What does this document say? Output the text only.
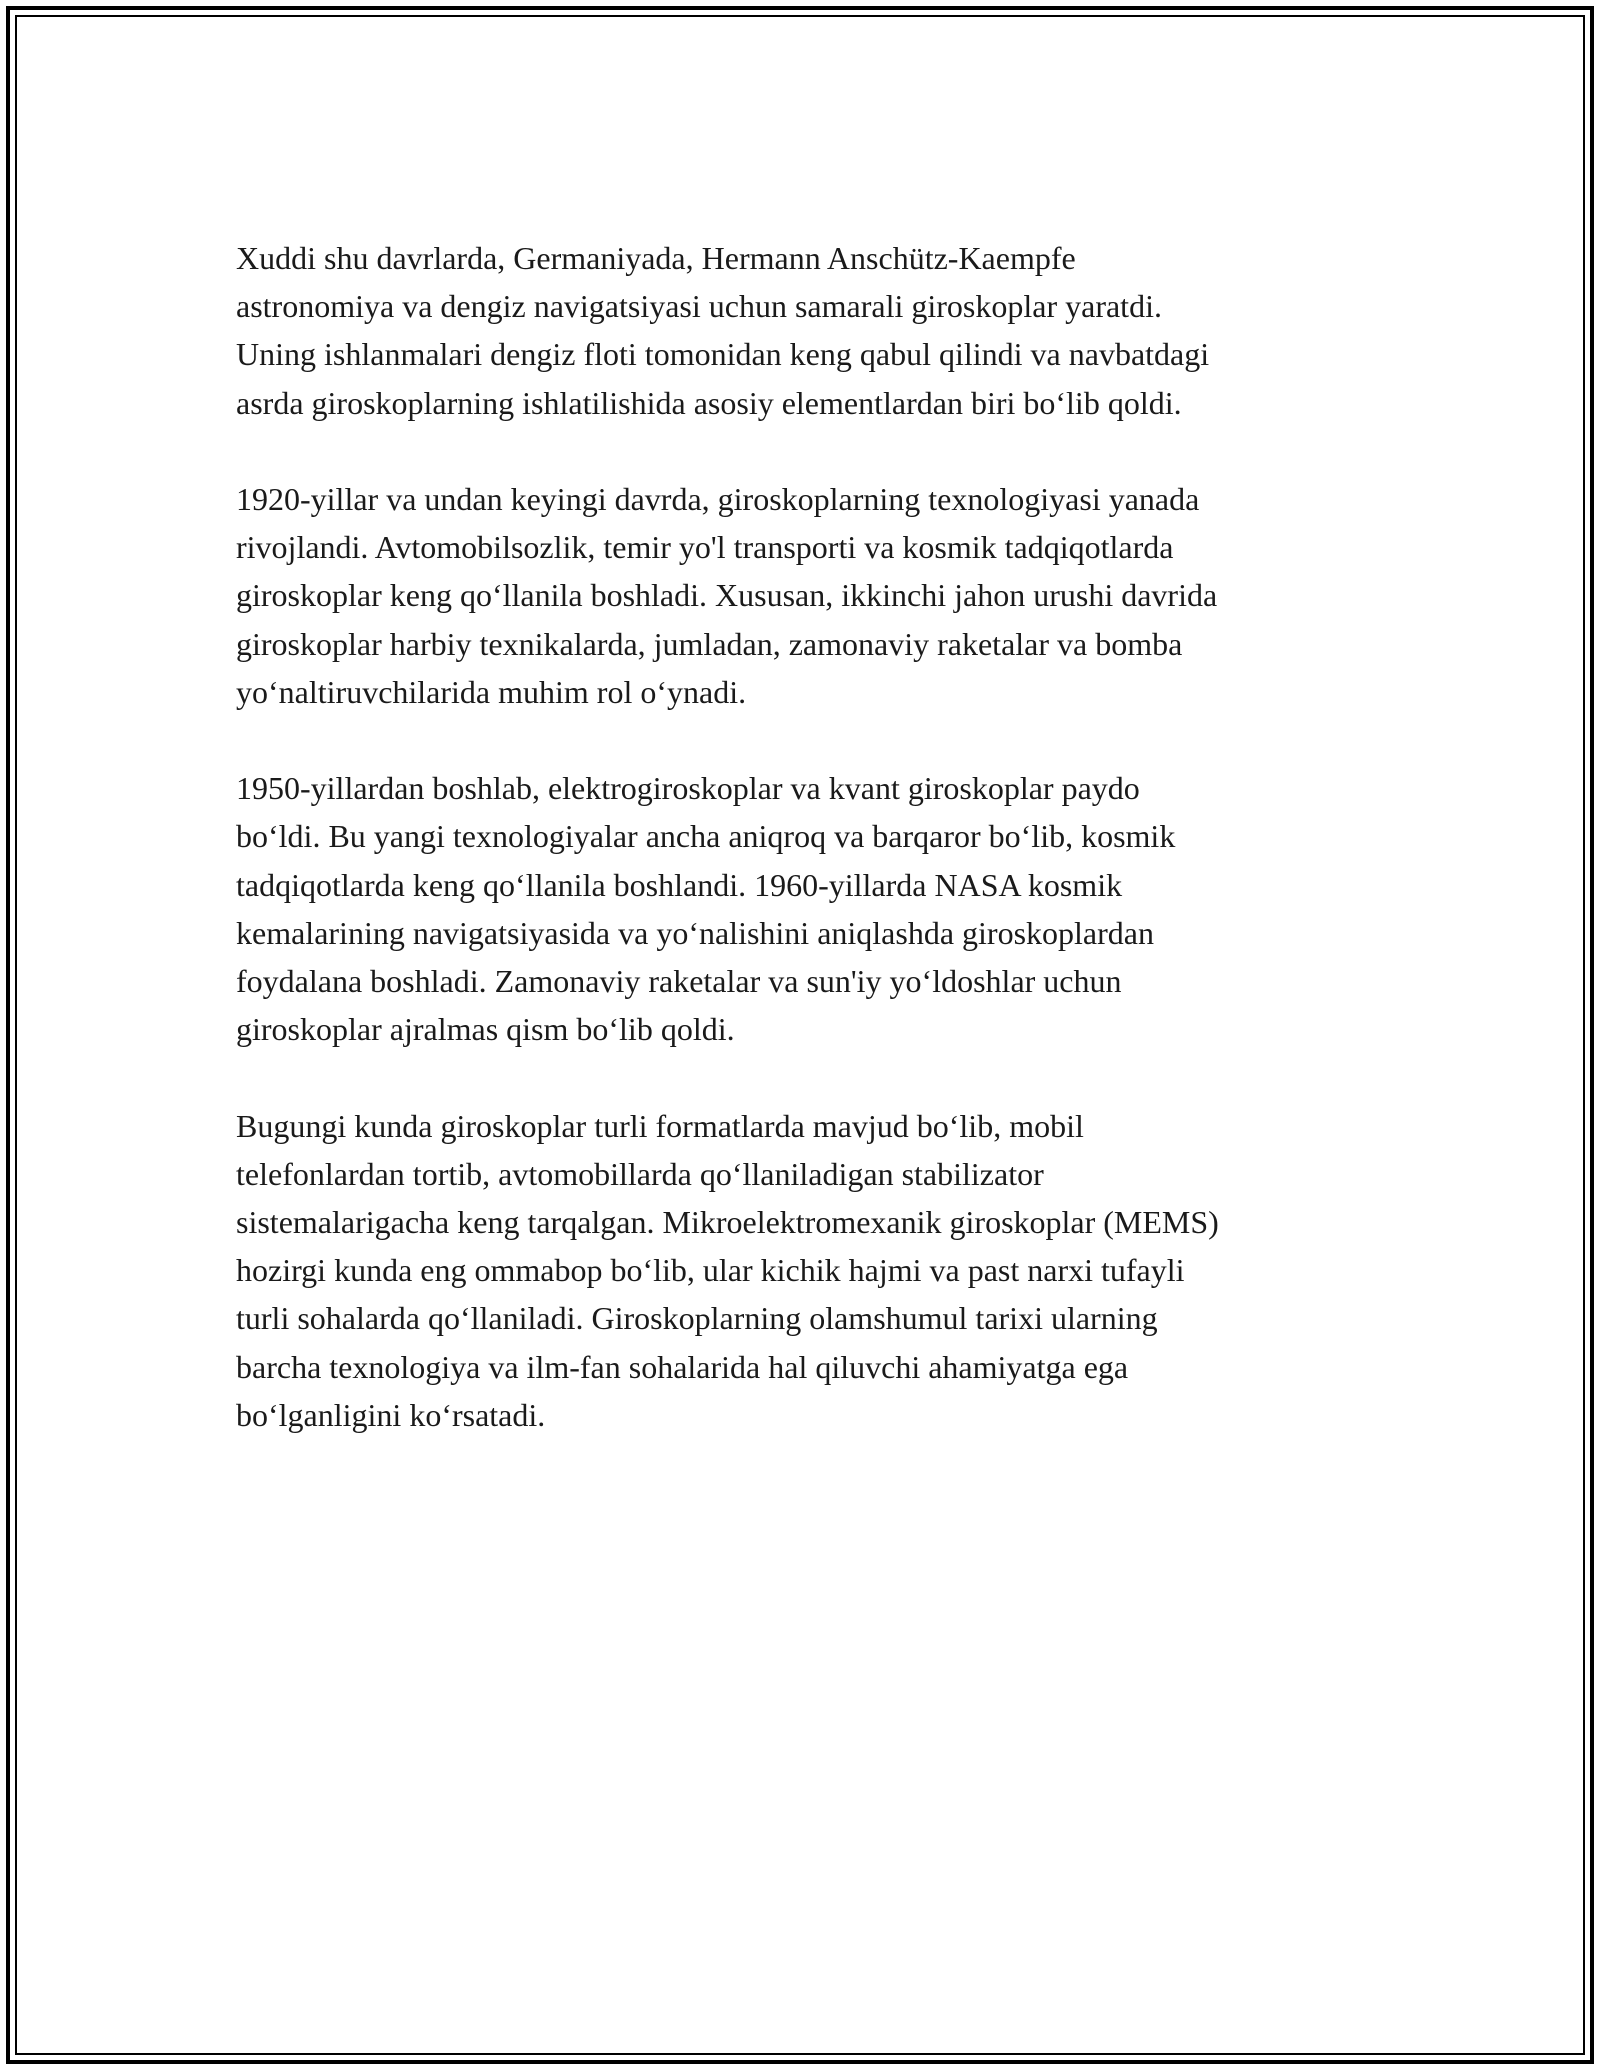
Xuddi shu davrlarda, Germaniyada, Hermann Anschütz-Kaempfe
astronomiya va dengiz navigatsiyasi uchun samarali giroskoplar yaratdi.
Uning ishlanmalari dengiz floti tomonidan keng qabul qilindi va navbatdagi
asrda giroskoplarning ishlatilishida asosiy elementlardan biri boʻlib qoldi.

1920-yillar va undan keyingi davrda, giroskoplarning texnologiyasi yanada
rivojlandi. Avtomobilsozlik, temir yo'l transporti va kosmik tadqiqotlarda
giroskoplar keng qoʻllanila boshladi. Xususan, ikkinchi jahon urushi davrida
giroskoplar harbiy texnikalarda, jumladan, zamonaviy raketalar va bomba
yoʻnaltiruvchilarida muhim rol oʻynadi.

1950-yillardan boshlab, elektrogiroskoplar va kvant giroskoplar paydo
boʻldi. Bu yangi texnologiyalar ancha aniqroq va barqaror boʻlib, kosmik
tadqiqotlarda keng qoʻllanila boshlandi. 1960-yillarda NASA kosmik
kemalarining navigatsiyasida va yoʻnalishini aniqlashda giroskoplardan
foydalana boshladi. Zamonaviy raketalar va sun'iy yoʻldoshlar uchun
giroskoplar ajralmas qism boʻlib qoldi.

Bugungi kunda giroskoplar turli formatlarda mavjud boʻlib, mobil
telefonlardan tortib, avtomobillarda qoʻllaniladigan stabilizator
sistemalarigacha keng tarqalgan. Mikroelektromexanik giroskoplar (MEMS)
hozirgi kunda eng ommabop boʻlib, ular kichik hajmi va past narxi tufayli
turli sohalarda qoʻllaniladi. Giroskoplarning olamshumul tarixi ularning
barcha texnologiya va ilm-fan sohalarida hal qiluvchi ahamiyatga ega
boʻlganligini koʻrsatadi.
